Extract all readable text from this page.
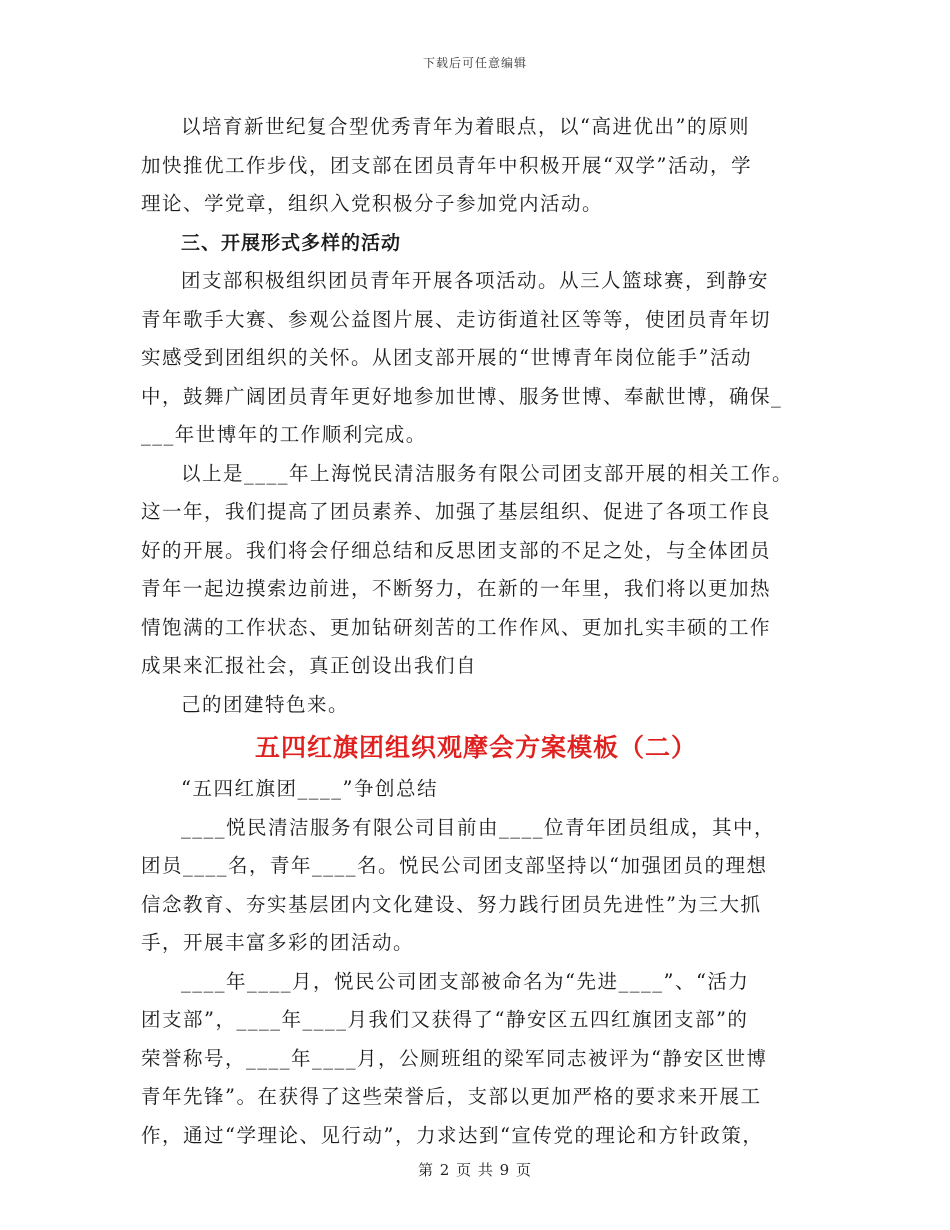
下载后可任意编辑

以培育新世纪复合型优秀青年为着眼点，以“高进优出”的原则
加快推优工作步伐，团支部在团员青年中积极开展“双学”活动，学
理论、学党章，组织入党积极分子参加党内活动。

三、开展形式多样的活动

团支部积极组织团员青年开展各项活动。从三人篮球赛，到静安
青年歌手大赛、参观公益图片展、走访街道社区等等，使团员青年切
实感受到团组织的关怀。从团支部开展的“世博青年岗位能手”活动
中，鼓舞广阔团员青年更好地参加世博、服务世博、奉献世博，确保_
___年世博年的工作顺利完成。

以上是____年上海悦民清洁服务有限公司团支部开展的相关工作。
这一年，我们提高了团员素养、加强了基层组织、促进了各项工作良
好的开展。我们将会仔细总结和反思团支部的不足之处，与全体团员
青年一起边摸索边前进，不断努力，在新的一年里，我们将以更加热
情饱满的工作状态、更加钻研刻苦的工作作风、更加扎实丰硕的工作
成果来汇报社会，真正创设出我们自

己的团建特色来。

五四红旗团组织观摩会方案模板（二）

“五四红旗团____”争创总结

____悦民清洁服务有限公司目前由____位青年团员组成，其中，
团员____名，青年____名。悦民公司团支部坚持以“加强团员的理想
信念教育、夯实基层团内文化建设、努力践行团员先进性”为三大抓
手，开展丰富多彩的团活动。

____年____月，悦民公司团支部被命名为“先进____”、“活力
团支部”，____年____月我们又获得了“静安区五四红旗团支部”的
荣誉称号，____年____月，公厕班组的梁军同志被评为“静安区世博
青年先锋”。在获得了这些荣誉后，支部以更加严格的要求来开展工
作，通过“学理论、见行动”，力求达到“宣传党的理论和方针政策，

第 2 页 共 9 页
